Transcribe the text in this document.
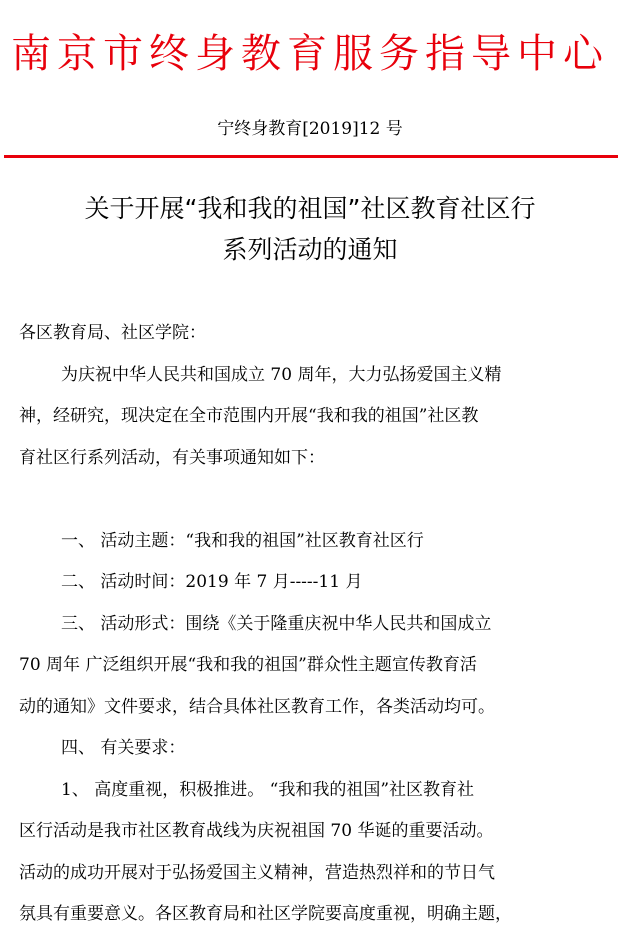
南京市终身教育服务指导中心
宁终身教育[2019]12 号
关于开展“我和我的祖国”社区教育社区行
系列活动的通知

各区教育局、社区学院：

为庆祝中华人民共和国成立 70 周年，大力弘扬爱国主义精

神，经研究，现决定在全市范围内开展“我和我的祖国”社区教

育社区行系列活动，有关事项通知如下：

一、 活动主题：“我和我的祖国”社区教育社区行

二、 活动时间：2019 年 7 月-----11 月

三、 活动形式：围绕《关于隆重庆祝中华人民共和国成立

70 周年 广泛组织开展“我和我的祖国”群众性主题宣传教育活

动的通知》文件要求，结合具体社区教育工作，各类活动均可。

四、 有关要求：

1、 高度重视，积极推进。 “我和我的祖国”社区教育社

区行活动是我市社区教育战线为庆祝祖国 70 华诞的重要活动。

活动的成功开展对于弘扬爱国主义精神，营造热烈祥和的节日气

氛具有重要意义。各区教育局和社区学院要高度重视，明确主题，
